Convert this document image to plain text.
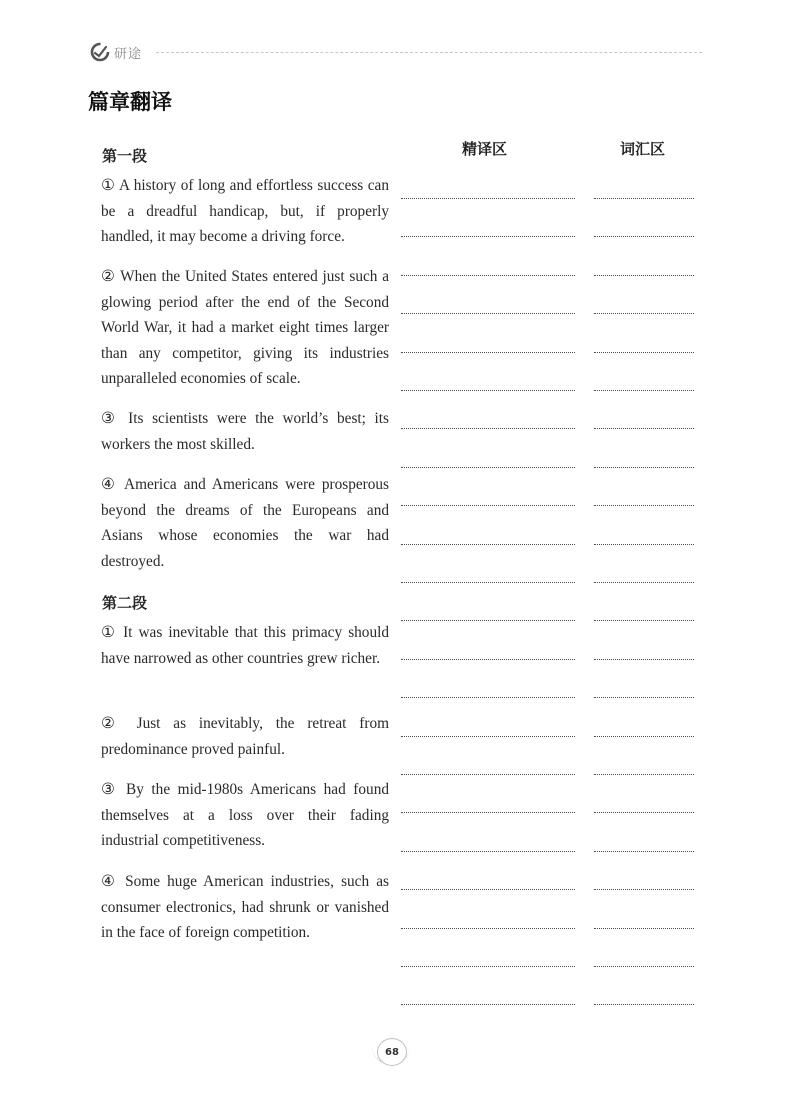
研途
篇章翻译
精译区	词汇区
第一段

① A history of long and effortless success can be a dreadful handicap, but, if properly handled, it may become a driving force.

② When the United States entered just such a glowing period after the end of the Second World War, it had a market eight times larger than any competitor, giving its industries unparalleled economies of scale.

③ Its scientists were the world’s best; its workers the most skilled.

④ America and Americans were prosperous beyond the dreams of the Europeans and Asians whose economies the war had destroyed.

第二段

① It was inevitable that this primacy should have narrowed as other countries grew richer.

② Just as inevitably, the retreat from predominance proved painful.

③ By the mid-1980s Americans had found themselves at a loss over their fading industrial competitiveness.

④ Some huge American industries, such as consumer electronics, had shrunk or vanished in the face of foreign competition.

68
